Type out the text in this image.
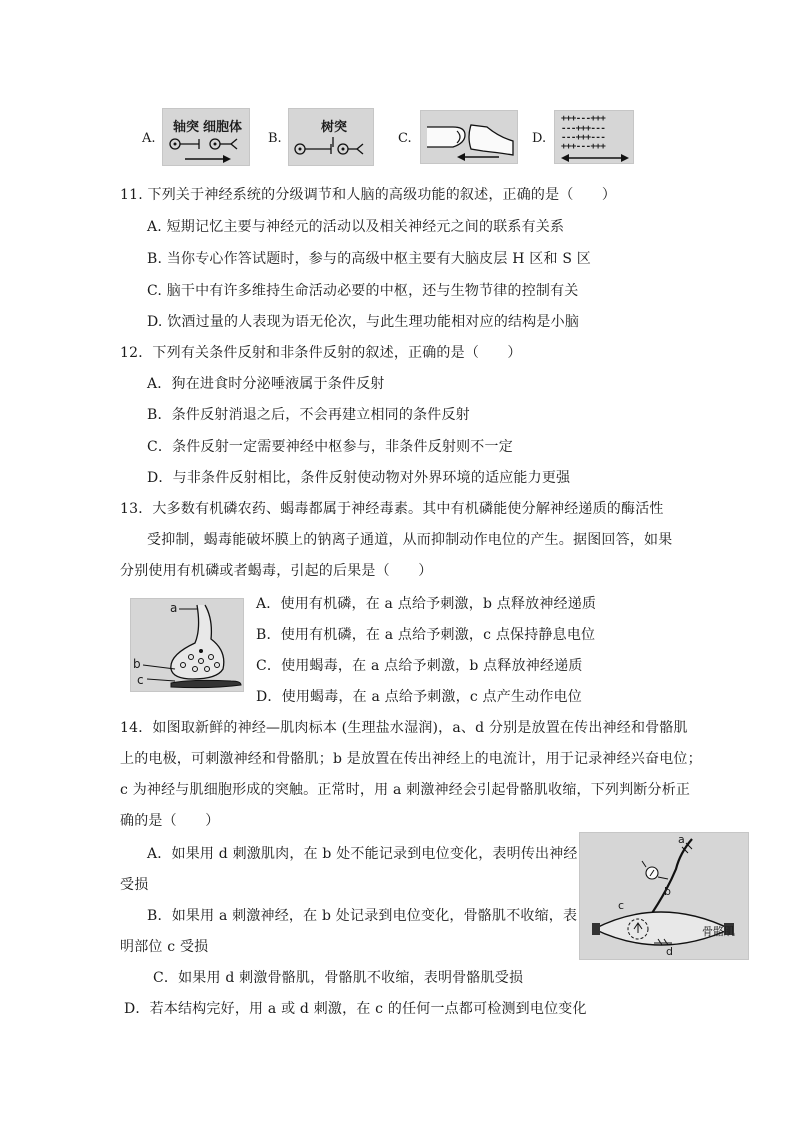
A.
轴突 细胞体
B.
树突
C.	D.
+++---+++
---+++---
---+++---
+++---+++
11. 下列关于神经系统的分级调节和人脑的高级功能的叙述，正确的是（　　）
A. 短期记忆主要与神经元的活动以及相关神经元之间的联系有关系
B. 当你专心作答试题时，参与的高级中枢主要有大脑皮层 H 区和 S 区
C. 脑干中有许多维持生命活动必要的中枢，还与生物节律的控制有关
D. 饮酒过量的人表现为语无伦次，与此生理功能相对应的结构是小脑
12．下列有关条件反射和非条件反射的叙述，正确的是（　　）
A．狗在进食时分泌唾液属于条件反射
B．条件反射消退之后，不会再建立相同的条件反射
C．条件反射一定需要神经中枢参与，非条件反射则不一定
D．与非条件反射相比，条件反射使动物对外界环境的适应能力更强
13．大多数有机磷农药、蝎毒都属于神经毒素。其中有机磷能使分解神经递质的酶活性
受抑制，蝎毒能破坏膜上的钠离子通道，从而抑制动作电位的产生。据图回答，如果
分别使用有机磷或者蝎毒，引起的后果是（　　）
a
b
c
A．使用有机磷，在 a 点给予刺激，b 点释放神经递质
B．使用有机磷，在 a 点给予刺激，c 点保持静息电位
C．使用蝎毒，在 a 点给予刺激，b 点释放神经递质
D．使用蝎毒，在 a 点给予刺激，c 点产生动作电位
14．如图取新鲜的神经—肌肉标本 (生理盐水湿润)，a、d 分别是放置在传出神经和骨骼肌
上的电极，可刺激神经和骨骼肌；b 是放置在传出神经上的电流计，用于记录神经兴奋电位；
c 为神经与肌细胞形成的突触。正常时，用 a 刺激神经会引起骨骼肌收缩，下列判断分析正
确的是（　　）
A．如果用 d 刺激肌肉，在 b 处不能记录到电位变化，表明传出神经
受损
B．如果用 a 刺激神经，在 b 处记录到电位变化，骨骼肌不收缩，表
明部位 c 受损
C．如果用 d 刺激骨骼肌，骨骼肌不收缩，表明骨骼肌受损
D．若本结构完好，用 a 或 d 刺激，在 c 的任何一点都可检测到电位变化
a
b
c
d
骨骼肌
